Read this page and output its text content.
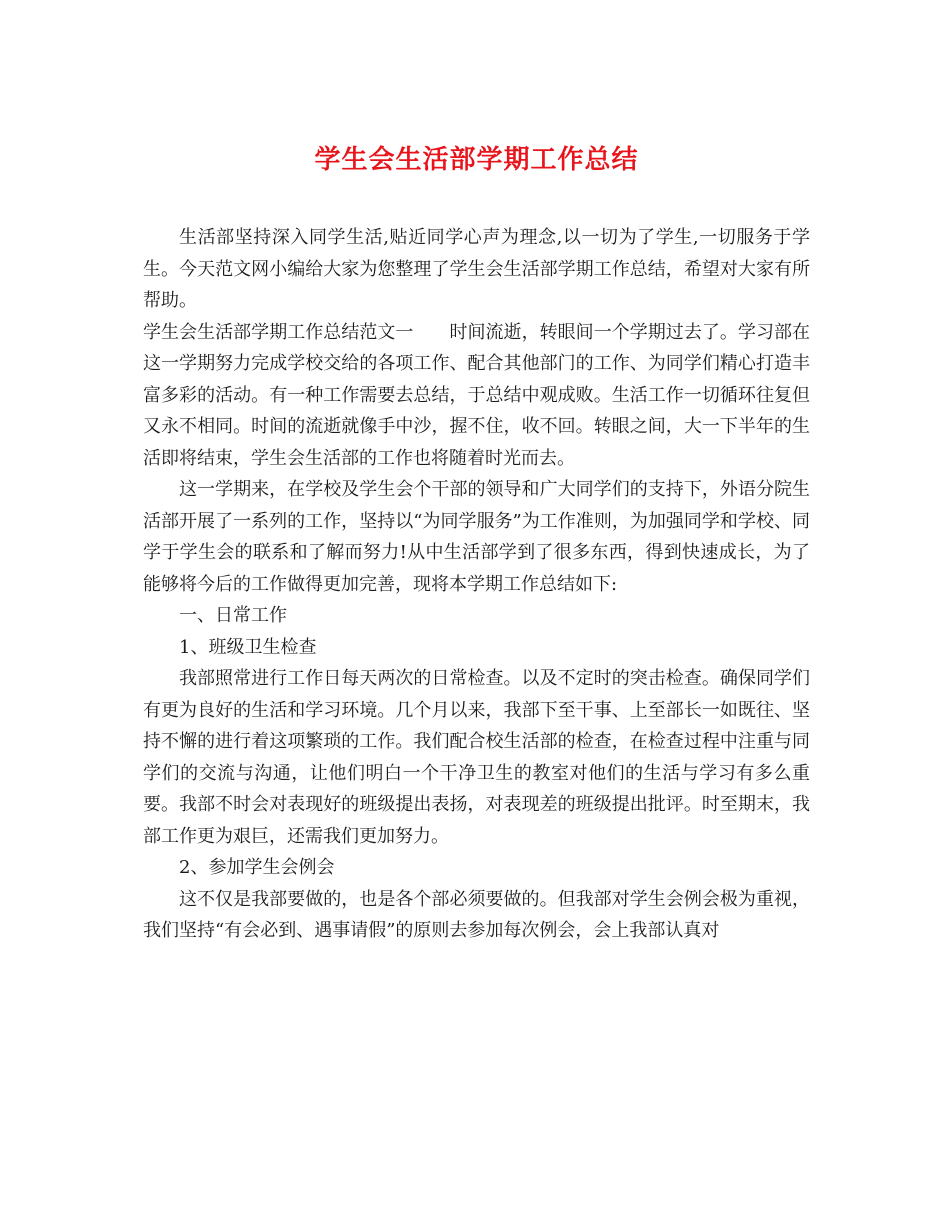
学生会生活部学期工作总结

生活部坚持深入同学生活,贴近同学心声为理念,以一切为了学生,一切服务于学生。今天范文网小编给大家为您整理了学生会生活部学期工作总结，希望对大家有所帮助。

学生会生活部学期工作总结范文一 时间流逝，转眼间一个学期过去了。学习部在这一学期努力完成学校交给的各项工作、配合其他部门的工作、为同学们精心打造丰富多彩的活动。有一种工作需要去总结，于总结中观成败。生活工作一切循环往复但又永不相同。时间的流逝就像手中沙，握不住，收不回。转眼之间，大一下半年的生活即将结束，学生会生活部的工作也将随着时光而去。

这一学期来，在学校及学生会个干部的领导和广大同学们的支持下，外语分院生活部开展了一系列的工作，坚持以“为同学服务”为工作准则，为加强同学和学校、同学于学生会的联系和了解而努力!从中生活部学到了很多东西，得到快速成长，为了能够将今后的工作做得更加完善，现将本学期工作总结如下:

一、日常工作

1、班级卫生检查

我部照常进行工作日每天两次的日常检查。以及不定时的突击检查。确保同学们有更为良好的生活和学习环境。几个月以来，我部下至干事、上至部长一如既往、坚持不懈的进行着这项繁琐的工作。我们配合校生活部的检查，在检查过程中注重与同学们的交流与沟通，让他们明白一个干净卫生的教室对他们的生活与学习有多么重要。我部不时会对表现好的班级提出表扬，对表现差的班级提出批评。时至期末，我部工作更为艰巨，还需我们更加努力。

2、参加学生会例会

这不仅是我部要做的，也是各个部必须要做的。但我部对学生会例会极为重视，我们坚持“有会必到、遇事请假”的原则去参加每次例会，会上我部认真对
